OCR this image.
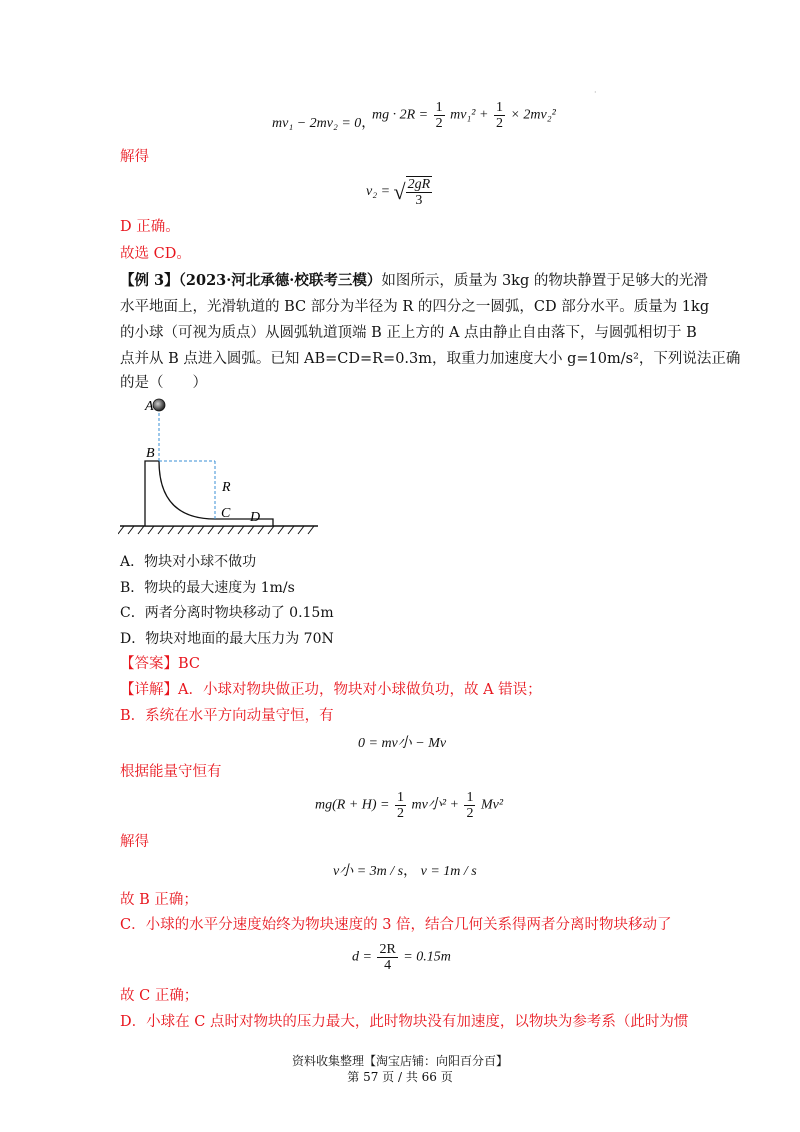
·
mv₁ − 2mv₂ = 0，
mg · $2R = \frac{1}{2} mv_1^2 + \frac{1}{2} \times 2mv_2^2$
解得
v₂ = √ $\frac{2gR}{3}$
D 正确。
故选 CD。
【例 3】（2023·河北承德·校联考三模）如图所示，质量为 3kg 的物块静置于足够大的光滑
水平地面上，光滑轨道的 BC 部分为半径为 R 的四分之一圆弧，CD 部分水平。质量为 1kg
的小球（可视为质点）从圆弧轨道顶端 B 正上方的 A 点由静止自由落下，与圆弧相切于 B
点并从 B 点进入圆弧。已知 AB=CD=R=0.3m，取重力加速度大小 g=10m/s²，下列说法正确
的是（　　）
A
B
R
C D
A．物块对小球不做功
B．物块的最大速度为 1m/s
C．两者分离时物块移动了 0.15m
D．物块对地面的最大压力为 70N
【答案】BC
【详解】A．小球对物块做正功，物块对小球做负功，故 A 错误；
B．系统在水平方向动量守恒，有
0 = mv小 − Mv
根据能量守恒有
$mg(R + H) = \frac{1}{2}$ mv小$^2 + \frac{1}{2} Mv^2$
解得
v小 = 3m / s， v = 1m / s
故 B 正确；
C．小球的水平分速度始终为物块速度的 3 倍，结合几何关系得两者分离时物块移动了
$d = \frac{2R}{4} = 0.15m$
故 C 正确；
D．小球在 C 点时对物块的压力最大，此时物块没有加速度，以物块为参考系（此时为惯
资料收集整理【淘宝店铺：向阳百分百】
第 57 页 / 共 66 页
